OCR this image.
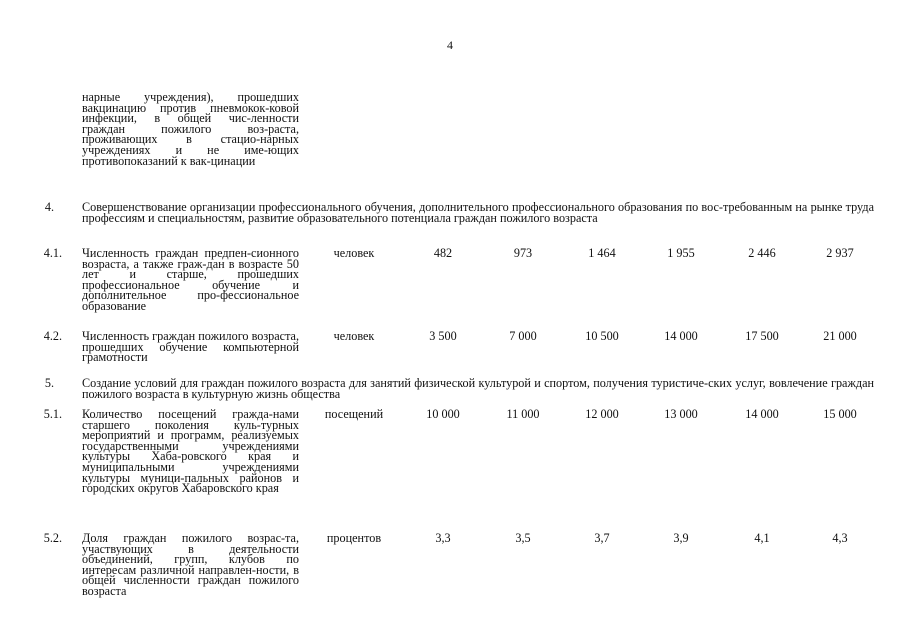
4
нарные учреждения), прошедших вакцинацию против пневмокок-ковой инфекции, в общей чис-ленности граждан пожилого воз-раста, проживающих в стацио-нарных учреждениях и не име-ющих противопоказаний к вак-цинации
4. Совершенствование организации профессионального обучения, дополнительного профессионального образования по вос-требованным на рынке труда профессиям и специальностям, развитие образовательного потенциала граждан пожилого возраста
4.1. Численность граждан предпен-сионного возраста, а также граж-дан в возрасте 50 лет и старше, прошедших профессиональное обучение и дополнительное про-фессиональное образование
человек	482	973	1 464	1 955	2 446	2 937
4.2. Численность граждан пожилого возраста, прошедших обучение компьютерной грамотности
человек	3 500	7 000	10 500	14 000	17 500	21 000
5. Создание условий для граждан пожилого возраста для занятий физической культурой и спортом, получения туристиче-ских услуг, вовлечение граждан пожилого возраста в культурную жизнь общества
5.1. Количество посещений гражда-нами старшего поколения куль-турных мероприятий и программ, реализуемых государственными учреждениями культуры Хаба-ровского края и муниципальными учреждениями культуры муници-пальных районов и городских округов Хабаровского края
посещений	10 000	11 000	12 000	13 000	14 000	15 000
5.2. Доля граждан пожилого возрас-та, участвующих в деятельности объединений, групп, клубов по интересам различной направлен-ности, в общей численности граждан пожилого возраста
процентов	3,3	3,5	3,7	3,9	4,1	4,3
